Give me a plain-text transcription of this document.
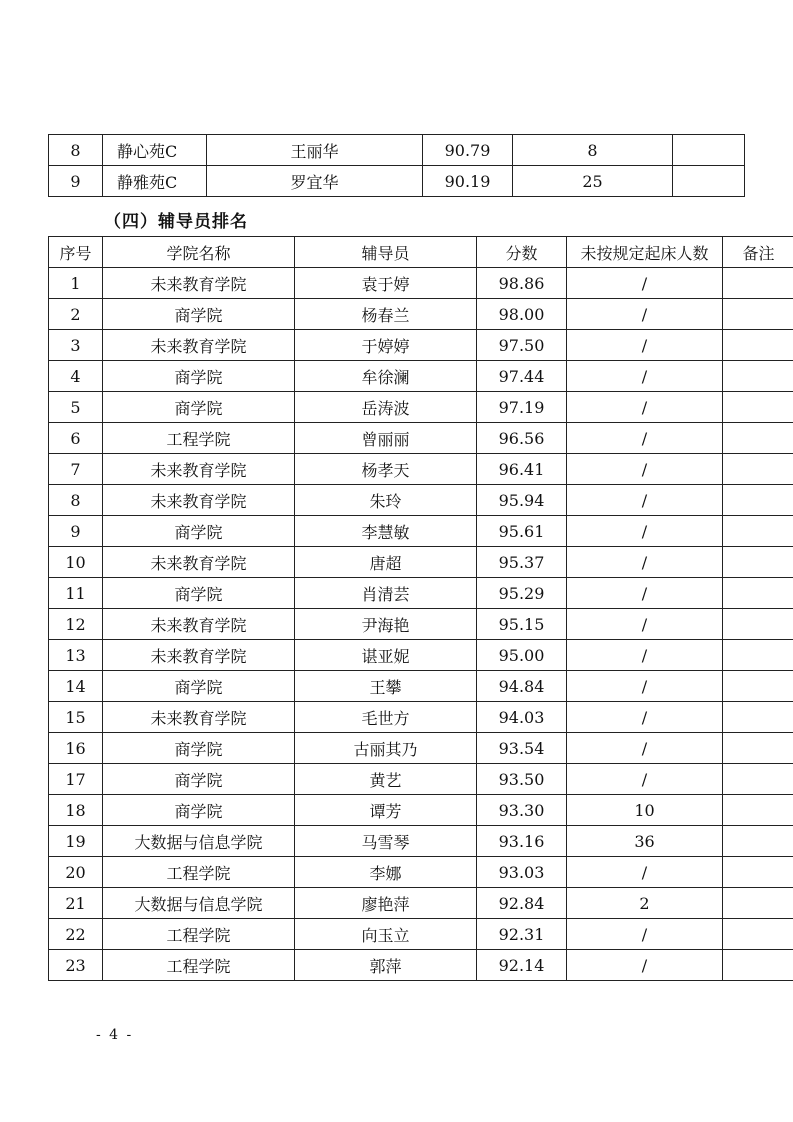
8	静心苑C	王丽华	90.79	8	
9	静雅苑C	罗宜华	90.19	25	
（四）辅导员排名
序号	学院名称	辅导员	分数	未按规定起床人数	备注
1	未来教育学院	袁于婷	98.86	/	
2	商学院	杨春兰	98.00	/	
3	未来教育学院	于婷婷	97.50	/	
4	商学院	牟徐澜	97.44	/	
5	商学院	岳涛波	97.19	/	
6	工程学院	曾丽丽	96.56	/	
7	未来教育学院	杨孝天	96.41	/	
8	未来教育学院	朱玲	95.94	/	
9	商学院	李慧敏	95.61	/	
10	未来教育学院	唐超	95.37	/	
11	商学院	肖清芸	95.29	/	
12	未来教育学院	尹海艳	95.15	/	
13	未来教育学院	谌亚妮	95.00	/	
14	商学院	王攀	94.84	/	
15	未来教育学院	毛世方	94.03	/	
16	商学院	古丽其乃	93.54	/	
17	商学院	黄艺	93.50	/	
18	商学院	谭芳	93.30	10	
19	大数据与信息学院	马雪琴	93.16	36	
20	工程学院	李娜	93.03	/	
21	大数据与信息学院	廖艳萍	92.84	2	
22	工程学院	向玉立	92.31	/	
23	工程学院	郭萍	92.14	/	
- 4 -
